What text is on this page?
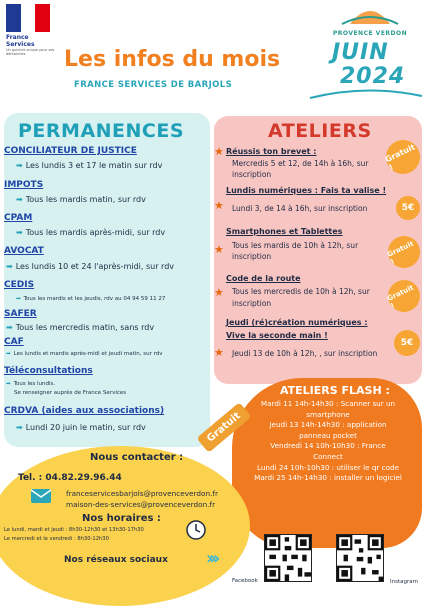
France Services
Un guichet unique pour vos démarches
PROVENCE VERDON
Les infos du mois
FRANCE SERVICES DE BARJOLS
JUIN
2024
PERMANENCES	ATELIERS
CONCILIATEUR DE JUSTICE
➡ Les lundis 3 et 17 le matin sur rdv
IMPOTS
➡ Tous les mardis matin, sur rdv
CPAM
➡ Tous les mardis après-midi, sur rdv
AVOCAT
➡ Les lundis 10 et 24 l'après-midi, sur rdv
CEDIS
➡ Tous les mardis et les jeudis, rdv au 04 94 59 11 27
SAFER
➡ Tous les mercredis matin, sans rdv
CAF
➡ Les lundis et mardis après-midi et jeudi matin, sur rdv
Téléconsultations
➡ Tous les lundis.
Se renseigner auprès de France Services
CRDVA (aides aux associations)
➡ Lundi 20 juin le matin, sur rdv
★ Réussis ton brevet :
Mercredis 5 et 12, de 14h à 16h, sur
inscription
Gratuit !
Lundis numériques : Fais ta valise !
★ Lundi 3, de 14 à 16h, sur inscription	5€
Smartphones et Tablettes
★ Tous les mardis de 10h à 12h, sur
inscription	Gratuit !
Code de la route
★ Tous les mercredis de 10h à 12h, sur
inscription
Gratuit !
Jeudi (ré)création numériques :
Vive la seconde main !
★ Jeudi 13 de 10h à 12h, , sur inscription
5€
Gratuit
ATELIERS FLASH :
Mardi 11 14h-14h30 : Scanner sur un
smartphone
Jeudi 13 14h-14h30 : application
panneau pocket
Vendredi 14 10h-10h30 : France
Connect
Lundi 24 10h-10h30 : utiliser le qr code
Mardi 25 14h-14h30 : installer un logiciel
Nous contacter :
Tel. : 04.82.29.96.44
franceservicesbarjols@provenceverdon.fr
maison-des-services@provenceverdon.fr
Nos horaires :
Le lundi, mardi et jeudi : 8h30-12h30 et 13h30-17h30
Le mercredi et le vendredi : 8h30-12h30
Nos réseaux sociaux ›››
Facebook	Instagram
